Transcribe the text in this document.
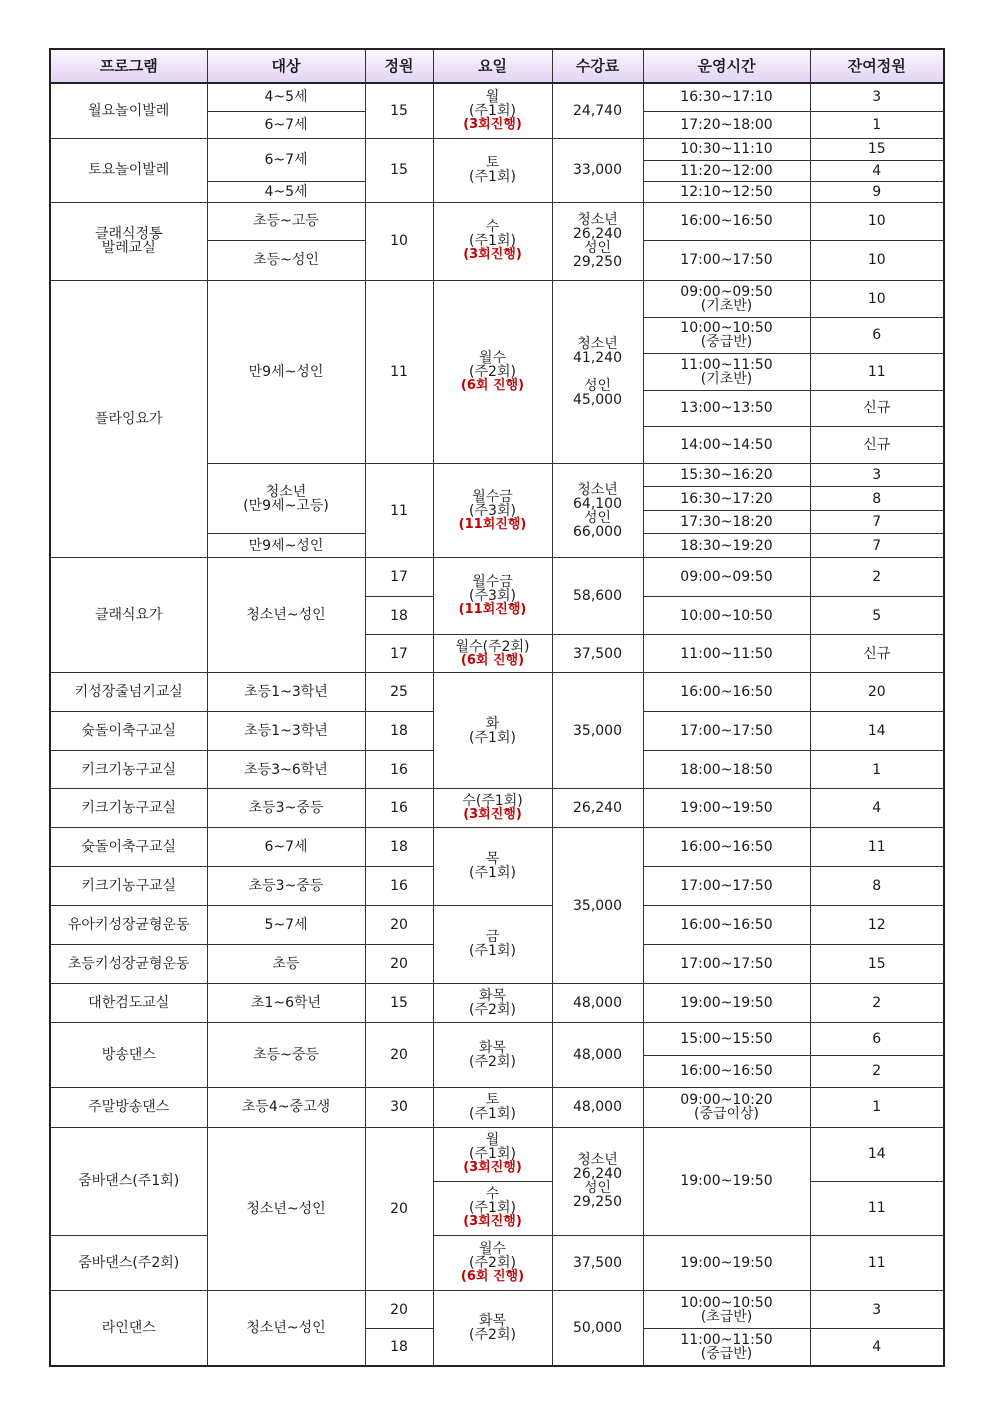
프로그램	대상	정원	요일	수강료	운영시간	잔여정원

월요놀이발레	4~5세	15	월
(주1회)
(3회진행)	24,740	16:30~17:10	3

	6~7세				17:20~18:00	1

토요놀이발레	6~7세	15	토
(주1회)	33,000	10:30~11:10	15

					11:20~12:00	4

	4~5세				12:10~12:50	9

클래식정통
발레교실	초등~고등	10	수
(주1회)
(3회진행)	청소년
26,240
성인
29,250	16:00~16:50	10

	초등~성인				17:00~17:50	10

플라잉요가	만9세~성인	11	월수
(주2회)
(6회 진행)	청소년
41,240

성인
45,000	09:00~09:50
(기초반)	10

					10:00~10:50
(중급반)	6

					11:00~11:50
(기초반)	11

					13:00~13:50	신규

					14:00~14:50	신규

	청소년
(만9세~고등)	11	월수금
(주3회)
(11회진행)	청소년
64,100
성인
66,000	15:30~16:20	3

					16:30~17:20	8

					17:30~18:20	7

	만9세~성인				18:30~19:20	7

클래식요가	청소년~성인	17	월수금
(주3회)
(11회진행)	58,600	09:00~09:50	2

		18			10:00~10:50	5

		17	월수(주2회)
(6회 진행)	37,500	11:00~11:50	신규

키성장줄넘기교실	초등1~3학년	25	화
(주1회)	35,000	16:00~16:50	20

슛돌이축구교실	초등1~3학년	18			17:00~17:50	14

키크기농구교실	초등3~6학년	16			18:00~18:50	1

키크기농구교실	초등3~중등	16	수(주1회)
(3회진행)	26,240	19:00~19:50	4

슛돌이축구교실	6~7세	18	목
(주1회)	35,000	16:00~16:50	11

키크기농구교실	초등3~중등	16			17:00~17:50	8

유아키성장균형운동	5~7세	20	금
(주1회)		16:00~16:50	12

초등키성장균형운동	초등	20			17:00~17:50	15

대한검도교실	초1~6학년	15	화목
(주2회)	48,000	19:00~19:50	2

방송댄스	초등~중등	20	화목
(주2회)	48,000	15:00~15:50	6

					16:00~16:50	2

주말방송댄스	초등4~중고생	30	토
(주1회)	48,000	09:00~10:20
(중급이상)	1

줌바댄스(주1회)	청소년~성인	20	월
(주1회)
(3회진행)	청소년
26,240
성인
29,250	19:00~19:50	14

			수
(주1회)
(3회진행)			11

줌바댄스(주2회)			월수
(주2회)
(6회 진행)	37,500	19:00~19:50	11

라인댄스	청소년~성인	20	화목
(주2회)	50,000	10:00~10:50
(초급반)	3

		18			11:00~11:50
(중급반)	4
